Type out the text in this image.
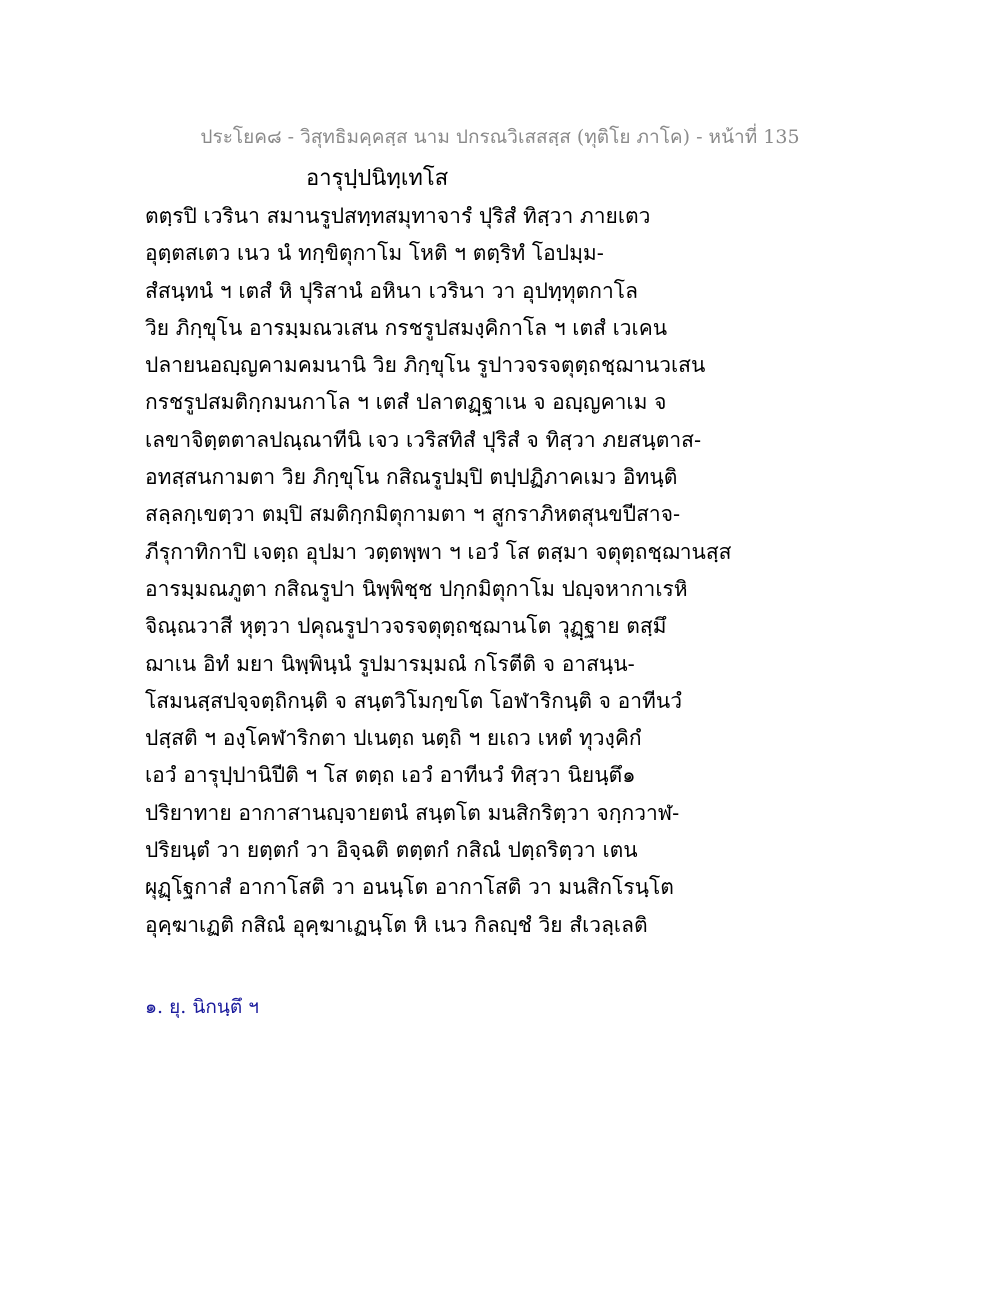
ประโยค๘ - วิสุทธิมคฺคสฺส นาม ปกรณวิเสสสฺส (ทุติโย ภาโค) - หน้าที่ 135
อารุปฺปนิทฺเทโส
ตตฺรปิ เวรินา สมานรูปสทฺทสมุทาจารํ ปุริสํ ทิสฺวา ภายเตว
อุตฺตสเตว เนว นํ ทกฺขิตุกาโม โหติ ฯ ตตฺริทํ โอปมฺม-
สํสนฺทนํ ฯ เตสํ หิ ปุริสานํ อหินา เวรินา วา อุปทฺทุตกาโล
วิย ภิกฺขุโน อารมฺมณวเสน กรชรูปสมงฺคิกาโล ฯ เตสํ เวเคน
ปลายนอญฺญคามคมนานิ วิย ภิกฺขุโน รูปาวจรจตุตฺถชฺฌานวเสน
กรชรูปสมติกฺกมนกาโล ฯ เตสํ ปลาตฏฺฐาเน จ อญฺญคาเม จ
เลขาจิตฺตตาลปณฺณาทีนิ เจว เวริสทิสํ ปุริสํ จ ทิสฺวา ภยสนฺตาส-
อทสฺสนกามตา วิย ภิกฺขุโน กสิณรูปมฺปิ ตปฺปฏิภาคเมว อิทนฺติ
สลฺลกฺเขตฺวา ตมฺปิ สมติกฺกมิตุกามตา ฯ สูกราภิหตสุนขปีสาจ-
ภีรุกาทิกาปิ เจตฺถ อุปมา วตฺตพฺพา ฯ เอวํ โส ตสฺมา จตุตฺถชฺฌานสฺส
อารมฺมณภูตา กสิณรูปา นิพฺพิชฺช ปกฺกมิตุกาโม ปญฺจหากาเรหิ
จิณฺณวาสี หุตฺวา ปคุณรูปาวจรจตุตฺถชฺฌานโต วุฏฺฐาย ตสฺมึ
ฌาเน อิทํ มยา นิพฺพินฺนํ รูปมารมฺมณํ กโรตีติ จ อาสนฺน-
โสมนสฺสปจฺจตฺถิกนฺติ จ สนฺตวิโมกฺขโต โอฬาริกนฺติ จ อาทีนวํ
ปสฺสติ ฯ องฺโคฬาริกตา ปเนตฺถ นตฺถิ ฯ ยเถว เหตํ ทุวงฺคิกํ
เอวํ อารุปฺปานิปีติ ฯ โส ตตฺถ เอวํ อาทีนวํ ทิสฺวา นิยนฺตึ๑
ปริยาทาย อากาสานญฺจายตนํ สนฺตโต มนสิกริตฺวา จกฺกวาฬ-
ปริยนฺตํ วา ยตฺตกํ วา อิจฺฉติ ตตฺตกํ กสิณํ ปตฺถริตฺวา เตน
ผุฏฺโฐกาสํ อากาโสติ วา อนนฺโต อากาโสติ วา มนสิกโรนฺโต
อุคฺฆาเฏติ กสิณํ อุคฺฆาเฏนฺโต หิ เนว กิลญฺชํ วิย สํเวลฺเลติ
๑. ยุ. นิกนฺตึ ฯ
